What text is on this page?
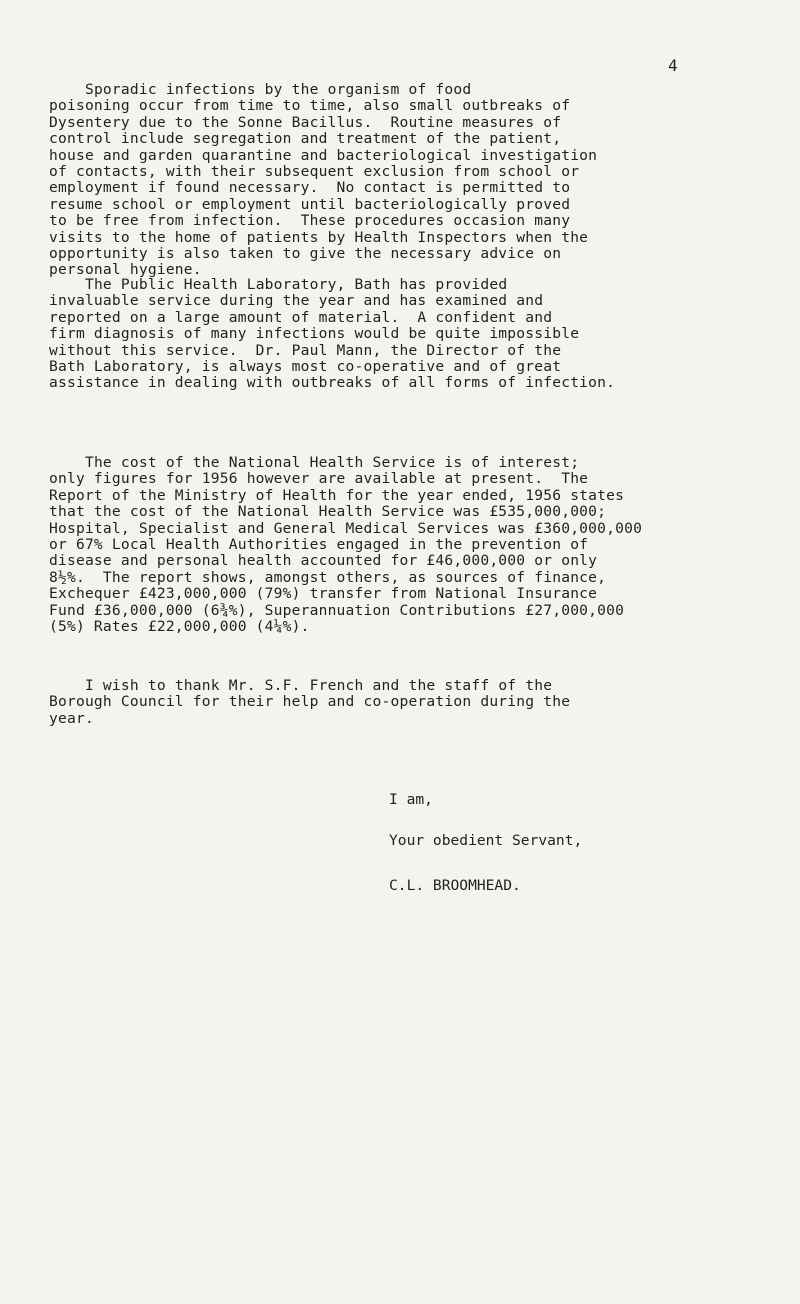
4

Sporadic infections by the organism of food
poisoning occur from time to time, also small outbreaks of
Dysentery due to the Sonne Bacillus.  Routine measures of
control include segregation and treatment of the patient,
house and garden quarantine and bacteriological investigation
of contacts, with their subsequent exclusion from school or
employment if found necessary.  No contact is permitted to
resume school or employment until bacteriologically proved
to be free from infection.  These procedures occasion many
visits to the home of patients by Health Inspectors when the
opportunity is also taken to give the necessary advice on
personal hygiene.

The Public Health Laboratory, Bath has provided
invaluable service during the year and has examined and
reported on a large amount of material.  A confident and
firm diagnosis of many infections would be quite impossible
without this service.  Dr. Paul Mann, the Director of the
Bath Laboratory, is always most co-operative and of great
assistance in dealing with outbreaks of all forms of infection.

The cost of the National Health Service is of interest;
only figures for 1956 however are available at present.  The
Report of the Ministry of Health for the year ended, 1956 states
that the cost of the National Health Service was £535,000,000;
Hospital, Specialist and General Medical Services was £360,000,000
or 67% Local Health Authorities engaged in the prevention of
disease and personal health accounted for £46,000,000 or only
8½%.  The report shows, amongst others, as sources of finance,
Exchequer £423,000,000 (79%) transfer from National Insurance
Fund £36,000,000 (6¾%), Superannuation Contributions £27,000,000
(5%) Rates £22,000,000 (4¼%).

I wish to thank Mr. S.F. French and the staff of the
Borough Council for their help and co-operation during the
year.

I am,
Your obedient Servant,
C.L. BROOMHEAD.
